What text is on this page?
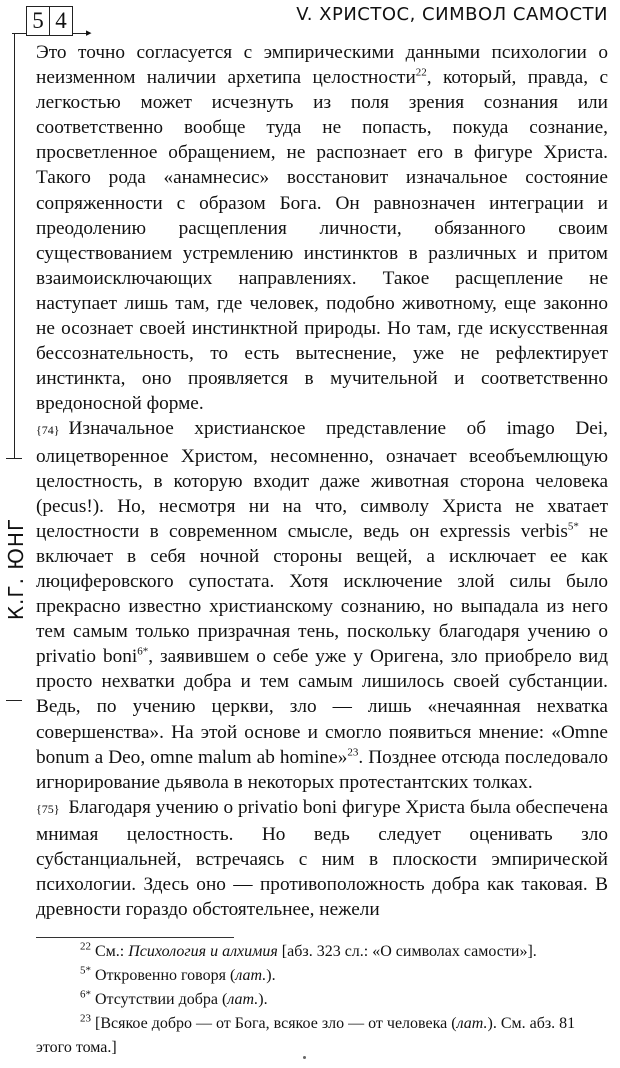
5 4	▸
V. ХРИСТОС, СИМВОЛ САМОСТИ
К.Г. ЮНГ

Это точно согласуется с эмпирическими данными психологии о неизменном наличии архетипа целостности$^{22}$, который, правда, с легкостью может исчезнуть из поля зрения сознания или соответственно вообще туда не попасть, покуда сознание, просветленное обращением, не распознает его в фигуре Христа. Такого рода «анамнесис» восстановит изначальное состояние сопряженности с образом Бога. Он равнозначен интеграции и преодолению расщепления личности, обязанного своим существованием устремлению инстинктов в различных и притом взаимоисключающих направлениях. Такое расщепление не наступает лишь там, где человек, подобно животному, еще законно не осознает своей инстинктной природы. Но там, где искусственная бессознательность, то есть вытеснение, уже не рефлектирует инстинкта, оно проявляется в мучительной и соответственно вредоносной форме.

{74} Изначальное христианское представление об imago Dei, олицетворенное Христом, несомненно, означает всеобъемлющую целостность, в которую входит даже животная сторона человека (pecus!). Но, несмотря ни на что, символу Христа не хватает целостности в современном смысле, ведь он expressis verbis$^{5*}$ не включает в себя ночной стороны вещей, а исключает ее как люциферовского супостата. Хотя исключение злой силы было прекрасно известно христианскому сознанию, но выпадала из него тем самым только призрачная тень, поскольку благодаря учению о privatio boni$^{6*}$, заявившем о себе уже у Оригена, зло приобрело вид просто нехватки добра и тем самым лишилось своей субстанции. Ведь, по учению церкви, зло — лишь «нечаянная нехватка совершенства». На этой основе и смогло появиться мнение: «Omne bonum a Deo, omne malum ab homine»$^{23}$. Позднее отсюда последовало игнорирование дьявола в некоторых протестантских толках.

{75} Благодаря учению о privatio boni фигуре Христа была обеспечена мнимая целостность. Но ведь следует оценивать зло субстанциальней, встречаясь с ним в плоскости эмпирической психологии. Здесь оно — противоположность добра как таковая. В древности гораздо обстоятельнее, нежели

$^{22}$ См.: Психология и алхимия [абз. 323 сл.: «О символах самости»].

$^{5*}$ Откровенно говоря (лат.).

$^{6*}$ Отсутствии добра (лат.).

$^{23}$ [Всякое добро — от Бога, всякое зло — от человека (лат.). См. абз. 81 этого тома.]
